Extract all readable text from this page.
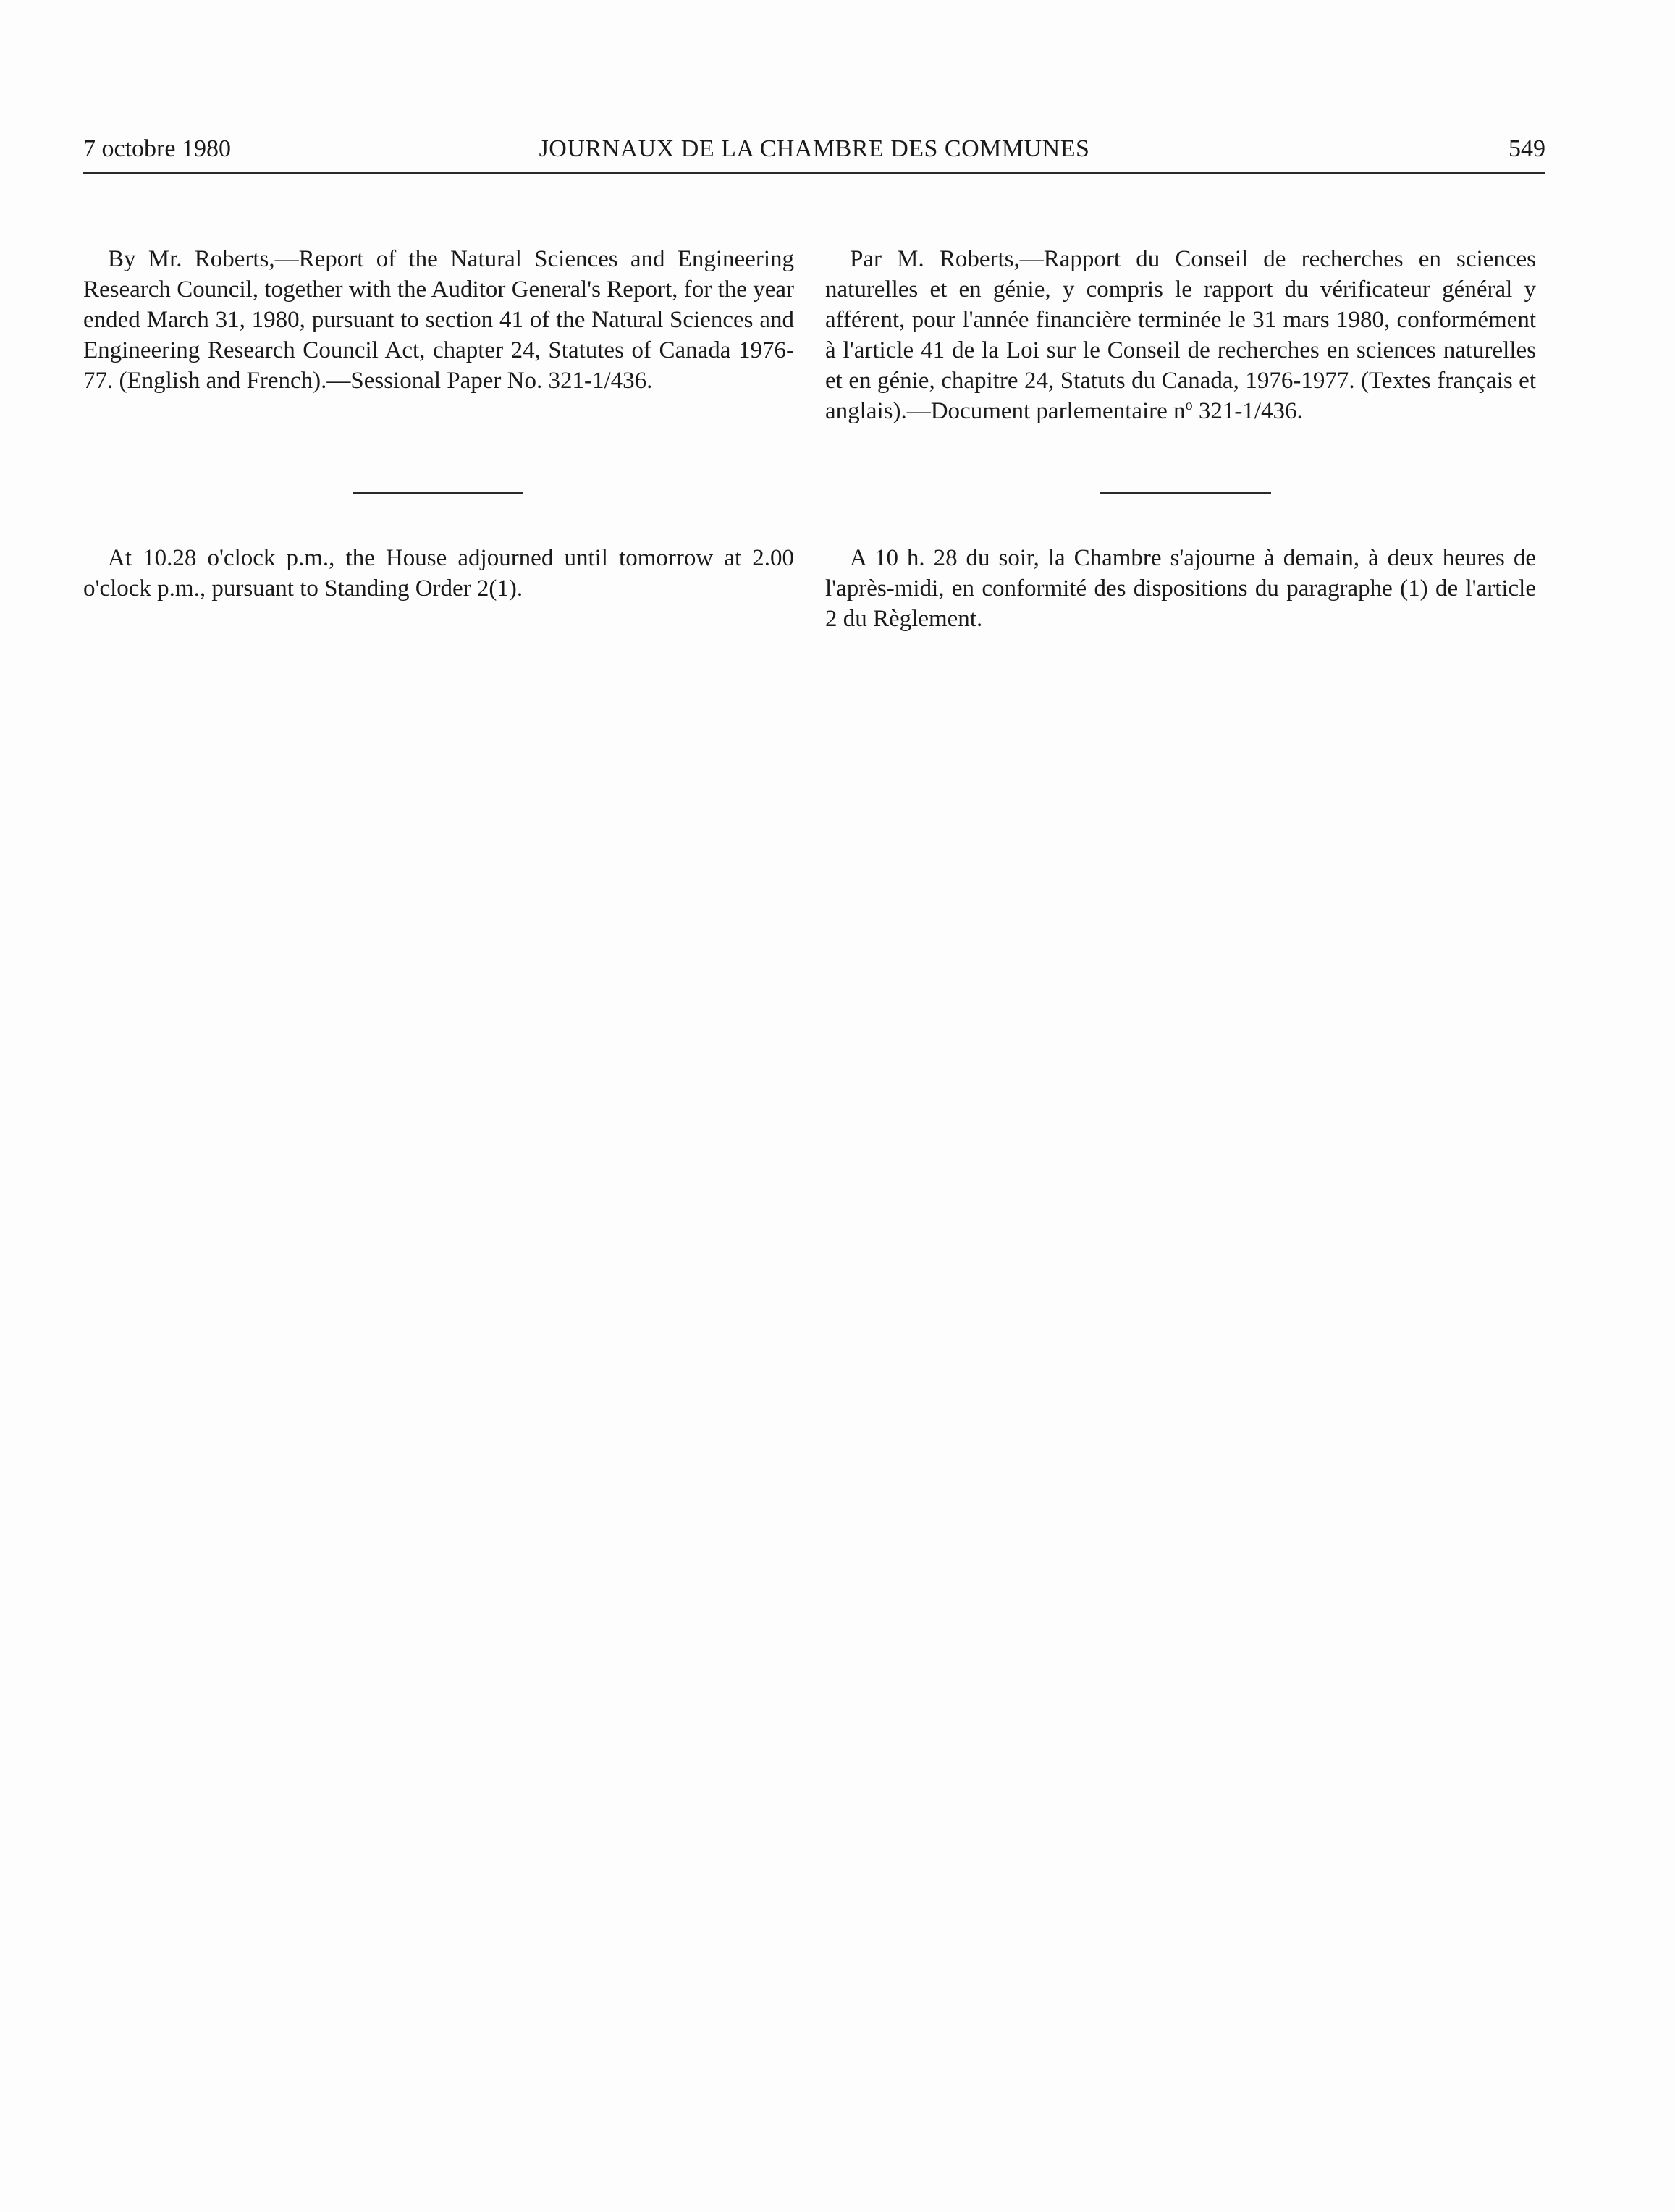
7 octobre 1980	JOURNAUX DE LA CHAMBRE DES COMMUNES	549

By Mr. Roberts,—Report of the Natural Sciences and Engineering Research Council, together with the Auditor General's Report, for the year ended March 31, 1980, pursuant to section 41 of the Natural Sciences and Engineering Research Council Act, chapter 24, Statutes of Canada 1976-77. (English and French).—Sessional Paper No. 321-1/436.

Par M. Roberts,—Rapport du Conseil de recherches en sciences naturelles et en génie, y compris le rapport du vérificateur général y afférent, pour l'année financière terminée le 31 mars 1980, conformément à l'article 41 de la Loi sur le Conseil de recherches en sciences naturelles et en génie, chapitre 24, Statuts du Canada, 1976-1977. (Textes français et anglais).—Document parlementaire $n^o$ 321-1/436.

At 10.28 o'clock p.m., the House adjourned until tomorrow at 2.00 o'clock p.m., pursuant to Standing Order 2(1).

A 10 h. 28 du soir, la Chambre s'ajourne à demain, à deux heures de l'après-midi, en conformité des dispositions du paragraphe (1) de l'article 2 du Règlement.
